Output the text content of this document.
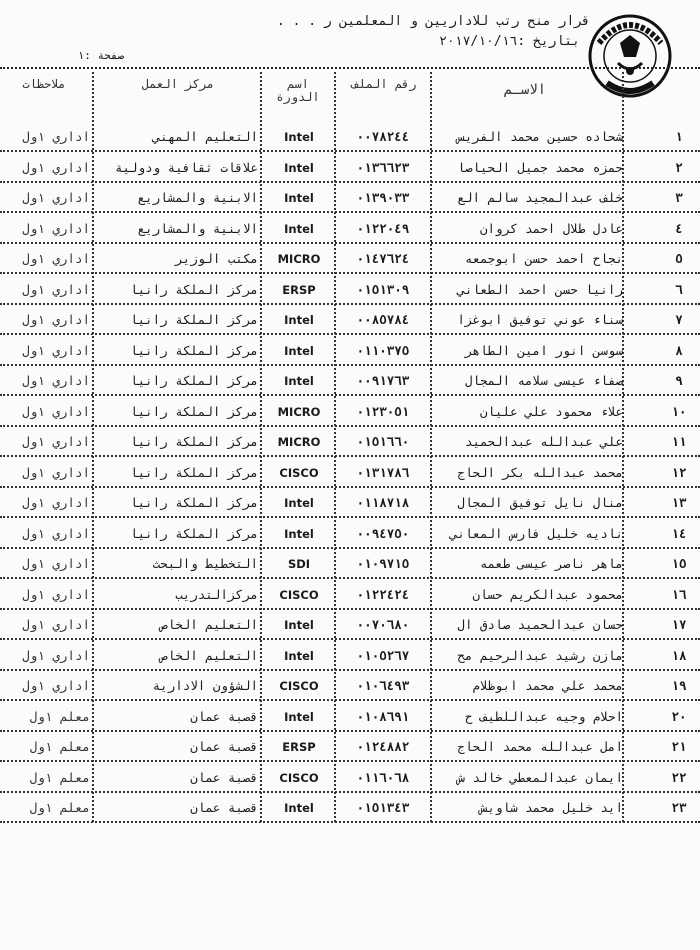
قرار منح رتب للاداريين و المعلمين ر . . .
بتاريخ :٢٠١٧/١٠/١٦
صفحة :١
الاسـم
رقم الملف
اسم الدورة
مركز العمل
ملاحظات
١
شحاده حسين محمد الفريس
٠٠٧٨٢٤٤
Intel
التعليم المهني
اداري ١ول
٢
حمزه محمد جميل الحياصا
٠١٣٦٦٢٣
Intel
علاقات ثقافية ودولية
اداري ١ول
٣
خلف عبدالمجيد سالم الع
٠١٣٩٠٣٣
Intel
الابنية والمشاريع
اداري ١ول
٤
عادل طلال احمد كروان
٠١٢٢٠٤٩
Intel
الابنية والمشاريع
اداري ١ول
٥
نجاح احمد حسن ابوجمعه
٠١٤٧٦٢٤
MICRO
مكتب الوزير
اداري ١ول
٦
رانيا حسن احمد الطعاني
٠١٥١٣٠٩
ERSP
مركز الملكة رانيا
اداري ١ول
٧
سناء عوني توفيق ابوغزا
٠٠٨٥٧٨٤
Intel
مركز الملكة رانيا
اداري ١ول
٨
سوسن انور امين الطاهر
٠١١٠٣٧٥
Intel
مركز الملكة رانيا
اداري ١ول
٩
صفاء عيسى سلامه المجال
٠٠٩١٧٦٣
Intel
مركز الملكة رانيا
اداري ١ول
١٠
علاء محمود علي عليان
٠١٢٣٠٥١
MICRO
مركز الملكة رانيا
اداري ١ول
١١
علي عبدالله عبدالحميد
٠١٥١٦٦٠
MICRO
مركز الملكة رانيا
اداري ١ول
١٢
محمد عبدالله بكر الحاج
٠١٣١٧٨٦
CISCO
مركز الملكة رانيا
اداري ١ول
١٣
منال نايل توفيق المجال
٠١١٨٧١٨
Intel
مركز الملكة رانيا
اداري ١ول
١٤
ناديه خليل فارس المعاني
٠٠٩٤٧٥٠
Intel
مركز الملكة رانيا
اداري ١ول
١٥
ماهر ناصر عيسى طعمه
٠١٠٩٧١٥
SDI
التخطيط والبحث
اداري ١ول
١٦
محمود عبدالكريم حسان
٠١٢٢٤٢٤
CISCO
مركزالتدريب
اداري ١ول
١٧
حسان عبدالحميد صادق ال
٠٠٧٠٦٨٠
Intel
التعليم الخاص
اداري ١ول
١٨
مازن رشيد عبدالرحيم مح
٠١٠٥٢٦٧
Intel
التعليم الخاص
اداري ١ول
١٩
محمد علي محمد ابوظلام
٠١٠٦٤٩٣
CISCO
الشؤون الادارية
اداري ١ول
٢٠
احلام وجيه عبداللطيف ح
٠١٠٨٦٩١
Intel
قصبة عمان
معلم ١ول
٢١
امل عبدالله محمد الحاج
٠١٢٤٨٨٢
ERSP
قصبة عمان
معلم ١ول
٢٢
ايمان عبدالمعطي خالد ش
٠١١٦٠٦٨
CISCO
قصبة عمان
معلم ١ول
٢٣
ايد خليل محمد شاويش
٠١٥١٣٤٣
Intel
قصبة عمان
معلم ١ول
